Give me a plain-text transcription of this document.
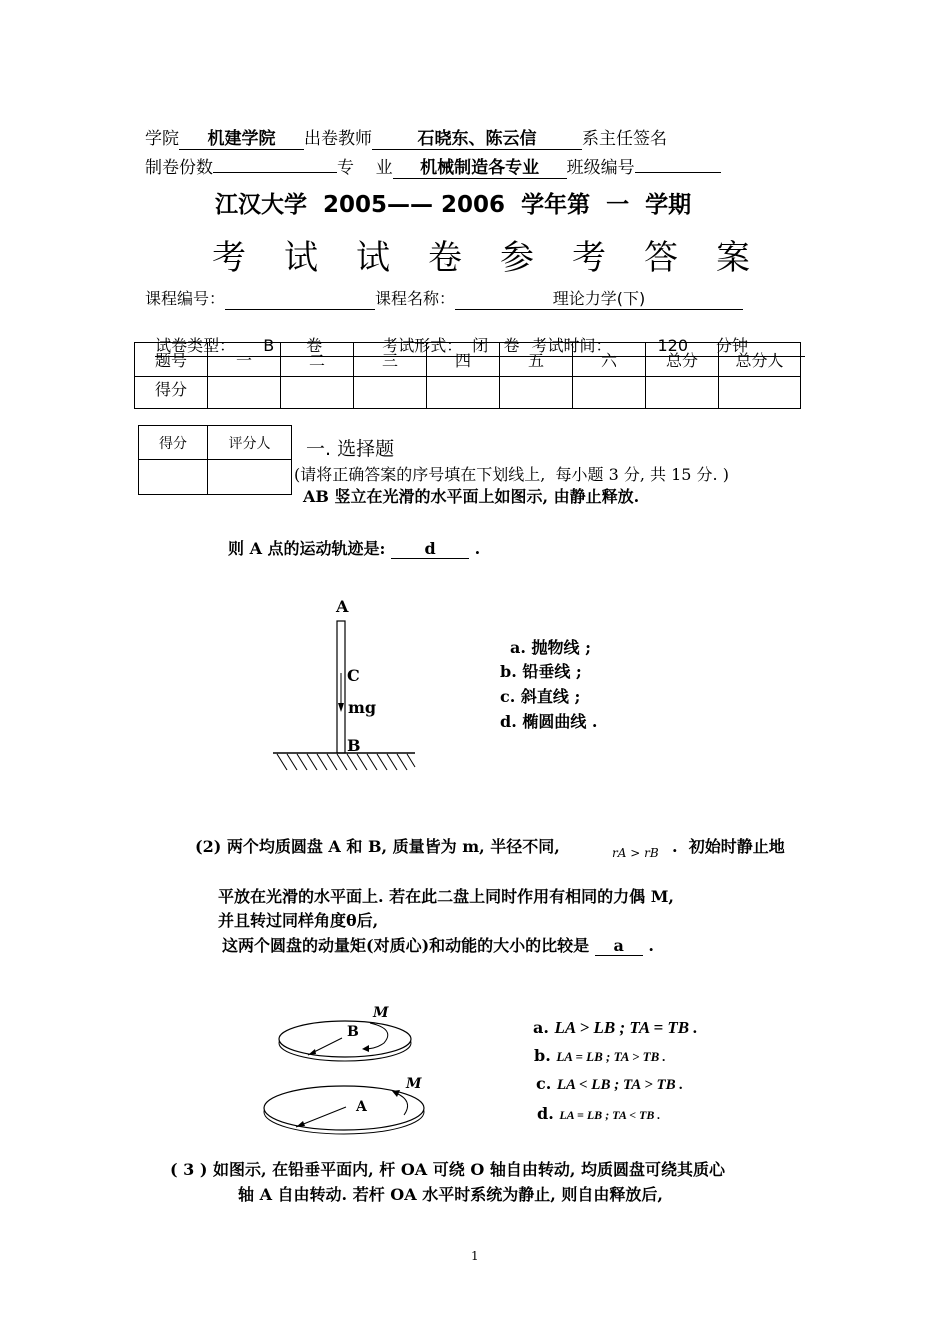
学院 机建学院 出卷教师	石晓东、陈云信	系主任签名
制卷份数	专    业 机械制造各专业 班级编号
江汉大学  2005—— 2006  学年第  一  学期
考试试卷参考答案
课程编号：	课程名称：	理论力学(下)

试卷类型： B 卷	考试形式： 闭   卷 考试时间：	120 分钟

题号	一	二	三	四	五	六	总分	总分人
得分								
得分	评分人
	一. 选择题
(请将正确答案的序号填在下划线上,  每小题 3 分, 共 15 分. )
AB 竖立在光滑的水平面上如图示, 由静止释放.
则 A 点的运动轨迹是: d .
A
C
mg
B
a. 抛物线 ;
b. 铅垂线 ;
c. 斜直线 ;
d. 椭圆曲线 .
(2) 两个均质圆盘 A 和 B, 质量皆为 m, 半径不同,	rA > rB .  初始时静止地
平放在光滑的水平面上. 若在此二盘上同时作用有相同的力偶 M,
并且转过同样角度θ后,
这两个圆盘的动量矩(对质心)和动能的大小的比较是 a .
M
B
M
A
a. LA > LB ; TA = TB .
b. LA = LB ; TA > TB .
c. LA < LB ; TA > TB .
d. LA = LB ; TA < TB .
( 3 ) 如图示, 在铅垂平面内, 杆 OA 可绕 O 轴自由转动, 均质圆盘可绕其质心
轴 A 自由转动. 若杆 OA 水平时系统为静止, 则自由释放后,
1
